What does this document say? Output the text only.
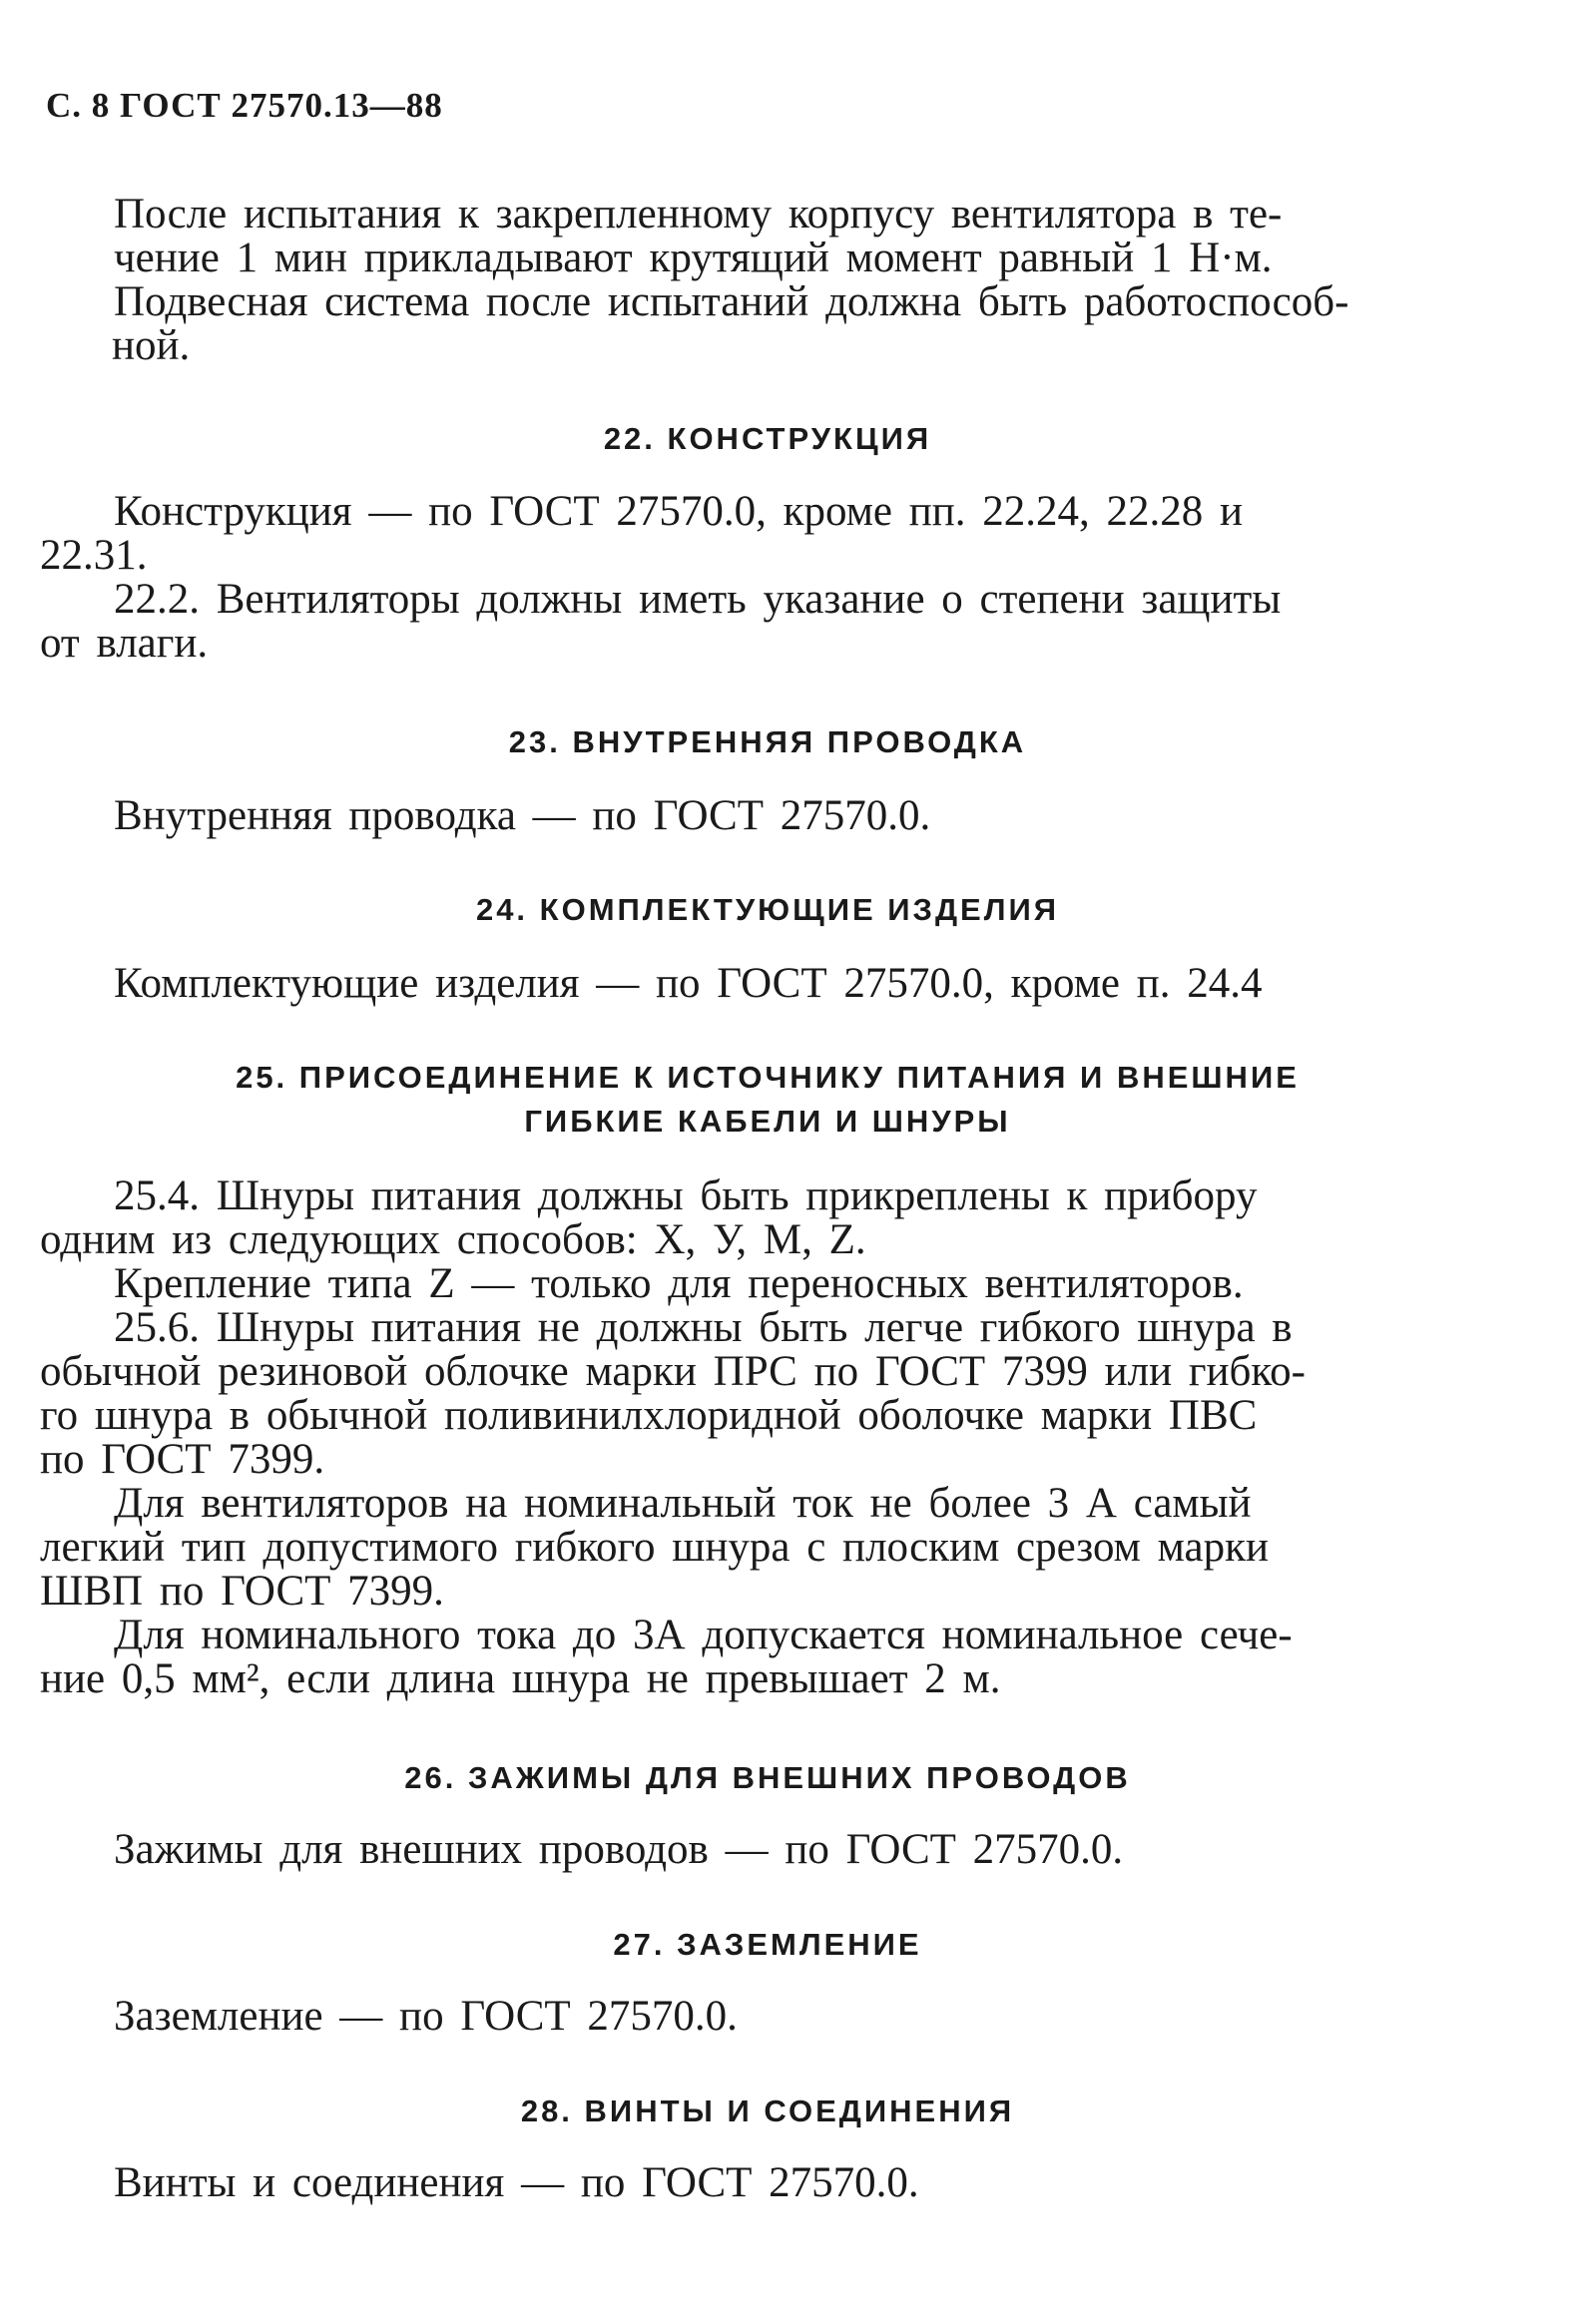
С. 8 ГОСТ 27570.13—88

После испытания к закрепленному корпусу вентилятора в те-

чение 1 мин прикладывают крутящий момент равный 1 Н·м.

Подвесная система после испытаний должна быть работоспособ-

ной.

22. КОНСТРУКЦИЯ

Конструкция — по ГОСТ 27570.0, кроме пп. 22.24, 22.28 и

22.31.

22.2. Вентиляторы должны иметь указание о степени защиты

от влаги.

23. ВНУТРЕННЯЯ ПРОВОДКА

Внутренняя проводка — по ГОСТ 27570.0.

24. КОМПЛЕКТУЮЩИЕ ИЗДЕЛИЯ

Комплектующие изделия — по ГОСТ 27570.0, кроме п. 24.4

25. ПРИСОЕДИНЕНИЕ К ИСТОЧНИКУ ПИТАНИЯ И ВНЕШНИЕ
ГИБКИЕ КАБЕЛИ И ШНУРЫ

25.4. Шнуры питания должны быть прикреплены к прибору

одним из следующих способов: X, У, M, Z.

Крепление типа Z — только для переносных вентиляторов.

25.6. Шнуры питания не должны быть легче гибкого шнура в

обычной резиновой облочке марки ПРС по ГОСТ 7399 или гибко-

го шнура в обычной поливинилхлоридной оболочке марки ПВС

по ГОСТ 7399.

Для вентиляторов на номинальный ток не более 3 А самый

легкий тип допустимого гибкого шнура с плоским срезом марки

ШВП по ГОСТ 7399.

Для номинального тока до 3А допускается номинальное сече-

ние 0,5 мм², если длина шнура не превышает 2 м.

26. ЗАЖИМЫ ДЛЯ ВНЕШНИХ ПРОВОДОВ

Зажимы для внешних проводов — по ГОСТ 27570.0.

27. ЗАЗЕМЛЕНИЕ

Заземление — по ГОСТ 27570.0.

28. ВИНТЫ И СОЕДИНЕНИЯ

Винты и соединения — по ГОСТ 27570.0.
